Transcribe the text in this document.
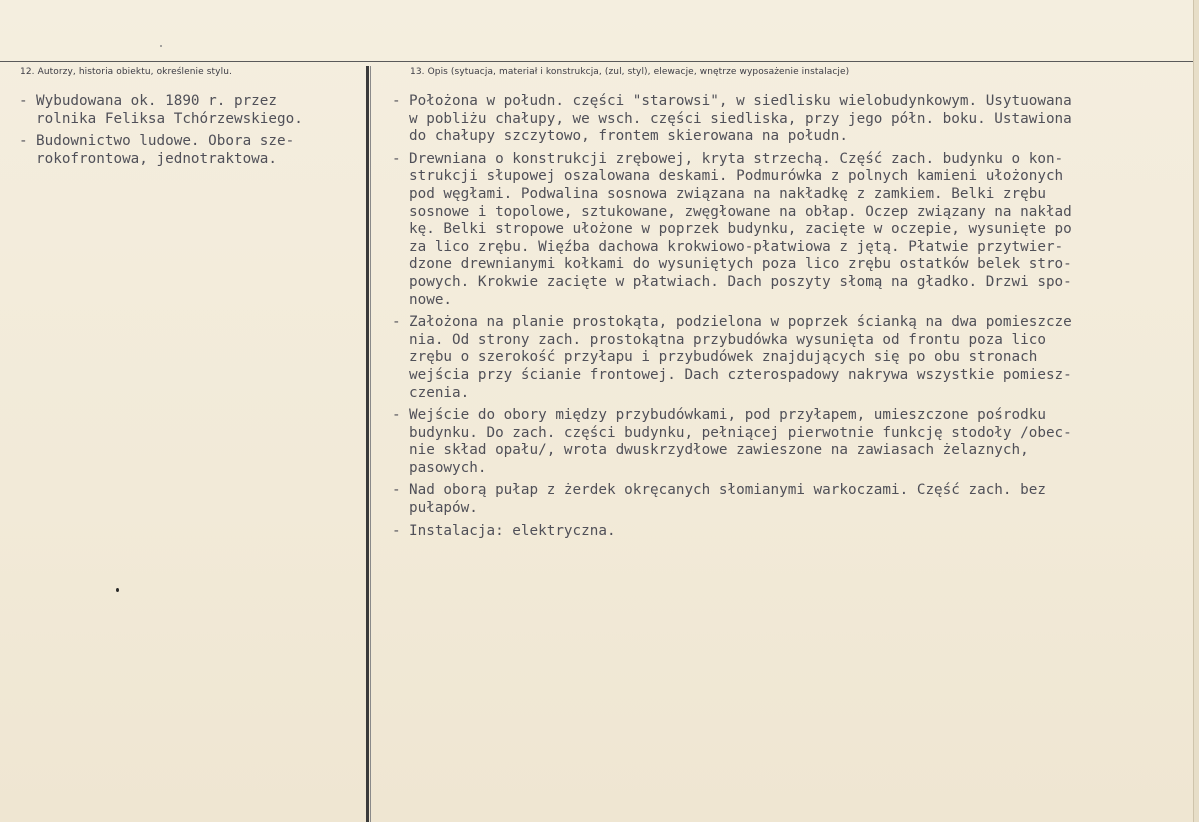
12. Autorzy, historia obiektu, określenie stylu.	13. Opis (sytuacja, materiał i konstrukcja, (zul, styl), elewacje, wnętrze wyposażenie instalacje)
- Wybudowana ok. 1890 r. przez
rolnika Feliksa Tchórzewskiego.
- Budownictwo ludowe. Obora sze-
rokofrontowa, jednotraktowa.
- Położona w połudn. części "starowsi", w siedlisku wielobudynkowym. Usytuowana
w pobliżu chałupy, we wsch. części siedliska, przy jego półn. boku. Ustawiona
do chałupy szczytowo, frontem skierowana na połudn.
- Drewniana o konstrukcji zrębowej, kryta strzechą. Część zach. budynku o kon-
strukcji słupowej oszalowana deskami. Podmurówka z polnych kamieni ułożonych
pod węgłami. Podwalina sosnowa związana na nakładkę z zamkiem. Belki zrębu
sosnowe i topolowe, sztukowane, zwęgłowane na obłap. Oczep związany na nakład
kę. Belki stropowe ułożone w poprzek budynku, zacięte w oczepie, wysunięte po
za lico zrębu. Więźba dachowa krokwiowo-płatwiowa z jętą. Płatwie przytwier-
dzone drewnianymi kołkami do wysuniętych poza lico zrębu ostatków belek stro-
powych. Krokwie zacięte w płatwiach. Dach poszyty słomą na gładko. Drzwi spo-
nowe.
- Założona na planie prostokąta, podzielona w poprzek ścianką na dwa pomieszcze
nia. Od strony zach. prostokątna przybudówka wysunięta od frontu poza lico
zrębu o szerokość przyłapu i przybudówek znajdujących się po obu stronach
wejścia przy ścianie frontowej. Dach czterospadowy nakrywa wszystkie pomiesz-
czenia.
- Wejście do obory między przybudówkami, pod przyłapem, umieszczone pośrodku
budynku. Do zach. części budynku, pełniącej pierwotnie funkcję stodoły /obec-
nie skład opału/, wrota dwuskrzydłowe zawieszone na zawiasach żelaznych,
pasowych.
- Nad oborą pułap z żerdek okręcanych słomianymi warkoczami. Część zach. bez
pułapów.
- Instalacja: elektryczna.
